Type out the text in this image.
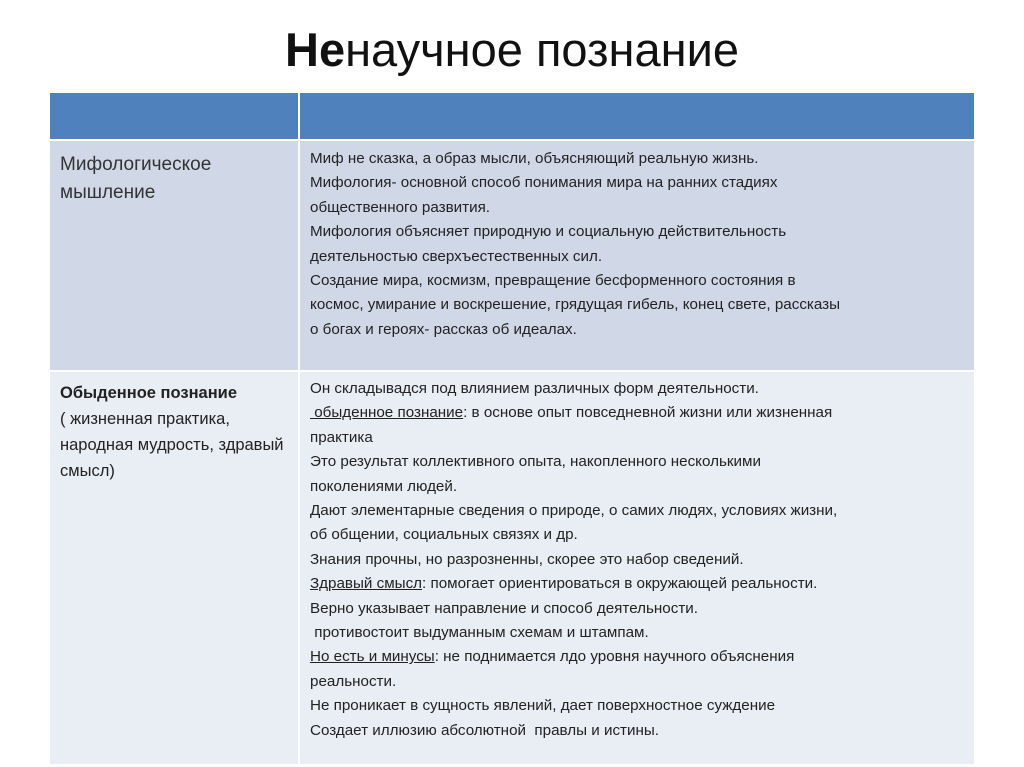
Ненаучное познание
Мифологическое мышление
Миф не сказка, а образ мысли, объясняющий реальную жизнь.
Мифология- основной способ понимания мира на ранних стадиях
общественного развития.
Мифология объясняет природную и социальную действительность
деятельностью сверхъестественных сил.
Создание мира, космизм, превращение бесформенного состояния в
космос, умирание и воскрешение, грядущая гибель, конец свете, рассказы
о богах и героях- рассказ об идеалах.
Обыденное познание
( жизненная практика, народная мудрость, здравый смысл)
Он складывадся под влиянием различных форм деятельности.
обыденное познание: в основе опыт повседневной жизни или жизненная
практика
Это результат коллективного опыта, накопленного несколькими
поколениями людей.
Дают элементарные сведения о природе, о самих людях, условиях жизни,
об общении, социальных связях и др.
Знания прочны, но разрозненны, скорее это набор сведений.
Здравый смысл: помогает ориентироваться в окружающей реальности.
Верно указывает направление и способ деятельности.
противостоит выдуманным схемам и штампам.
Но есть и минусы: не поднимается лдо уровня научного объяснения
реальности.
Не проникает в сущность явлений, дает поверхностное суждение
Создает иллюзию абсолютной  правлы и истины.
